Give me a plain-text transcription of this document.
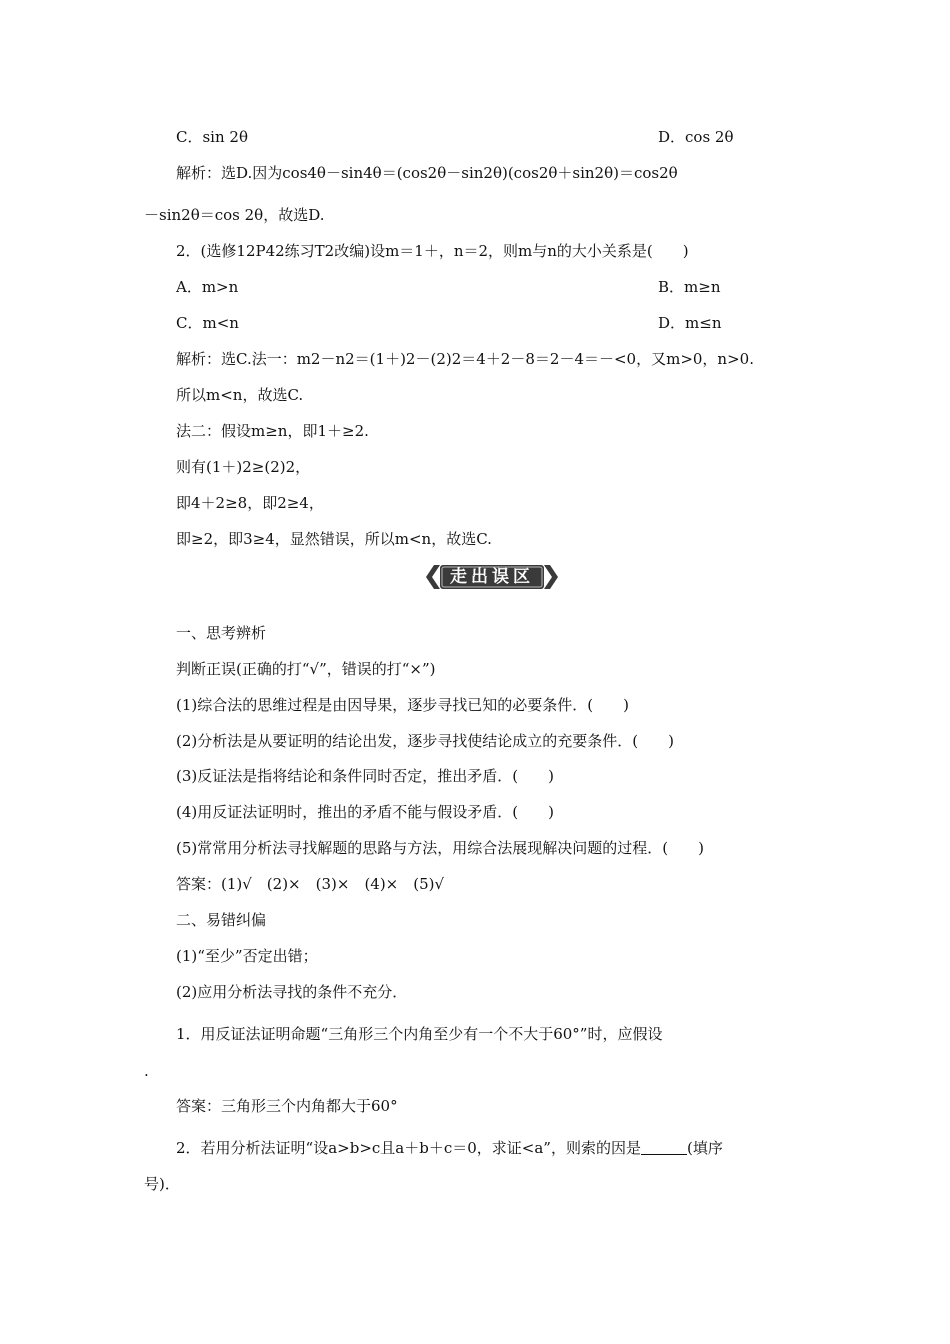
C．sin 2θ	D．cos 2θ
解析：选D.因为cos4θ－sin4θ＝(cos2θ－sin2θ)(cos2θ＋sin2θ)＝cos2θ
－sin2θ＝cos 2θ，故选D.
2．(选修12P42练习T2改编)设m＝1＋，n＝2，则m与n的大小关系是(　　)
A．m>n	B．m≥n
C．m<n	D．m≤n
解析：选C.法一：m2－n2＝(1＋)2－(2)2＝4＋2－8＝2－4＝－<0，又m>0，n>0.
所以m<n，故选C.
法二：假设m≥n，即1＋≥2.
则有(1＋)2≥(2)2，
即4＋2≥8，即2≥4，
即≥2，即3≥4，显然错误，所以m<n，故选C.
走出误区
一、思考辨析
判断正误(正确的打“√”，错误的打“×”)
(1)综合法的思维过程是由因导果，逐步寻找已知的必要条件．(　　)
(2)分析法是从要证明的结论出发，逐步寻找使结论成立的充要条件．(　　)
(3)反证法是指将结论和条件同时否定，推出矛盾．(　　)
(4)用反证法证明时，推出的矛盾不能与假设矛盾．(　　)
(5)常常用分析法寻找解题的思路与方法，用综合法展现解决问题的过程．(　　)
答案：(1)√　(2)×　(3)×　(4)×　(5)√
二、易错纠偏
(1)“至少”否定出错；
(2)应用分析法寻找的条件不充分．
1．用反证法证明命题“三角形三个内角至少有一个不大于60°”时，应假设
.
答案：三角形三个内角都大于60°
2．若用分析法证明“设a>b>c且a＋b＋c＝0，求证<a”，则索的因是	(填序
号)．
